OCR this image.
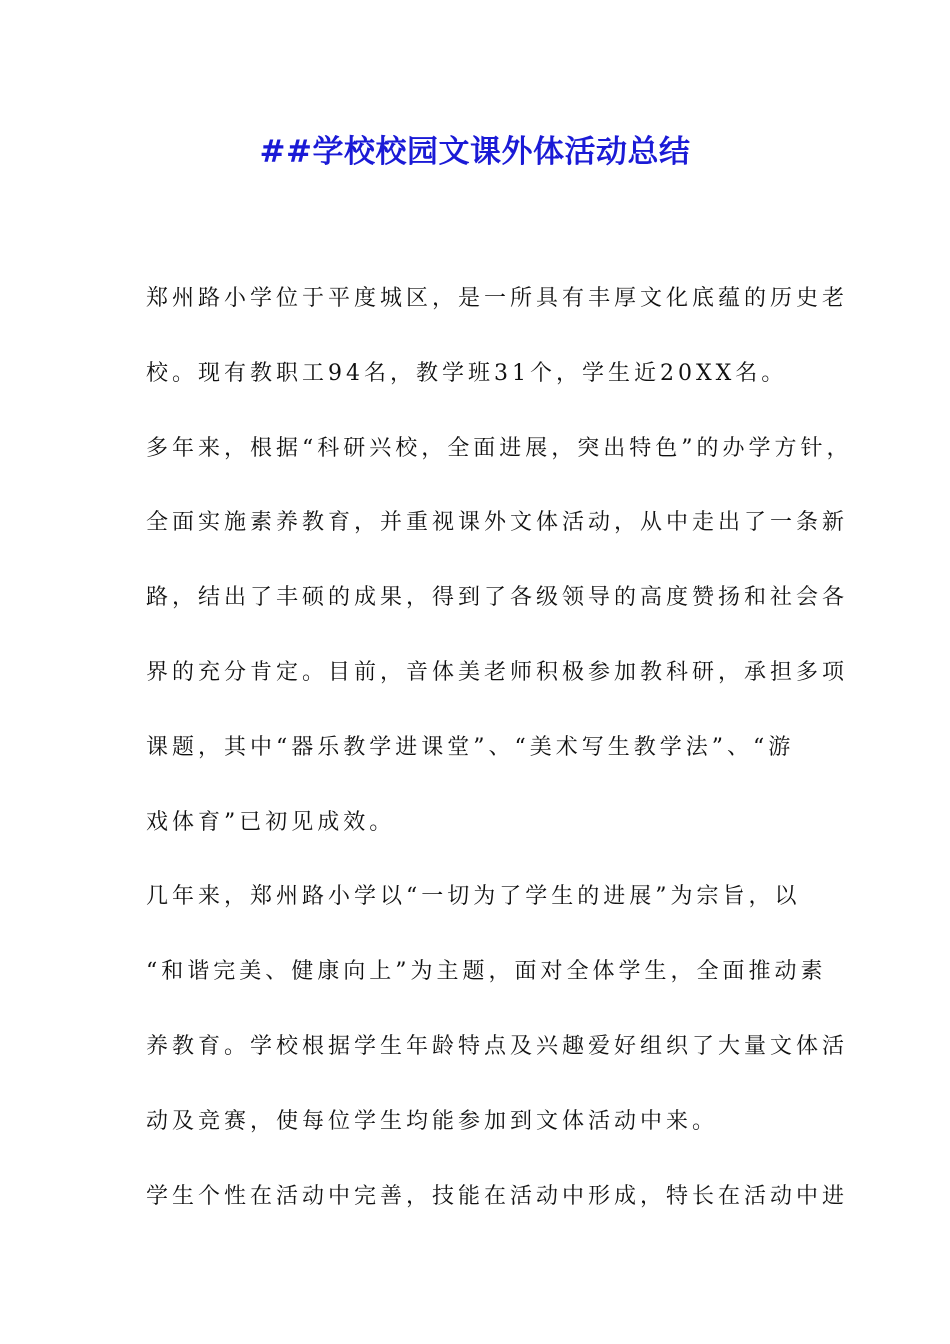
##学校校园文课外体活动总结
郑州路小学位于平度城区，是一所具有丰厚文化底蕴的历史老
校。现有教职工94名，教学班31个，学生近20XX名。
多年来，根据“科研兴校，全面进展，突出特色”的办学方针，
全面实施素养教育，并重视课外文体活动，从中走出了一条新
路，结出了丰硕的成果，得到了各级领导的高度赞扬和社会各
界的充分肯定。目前，音体美老师积极参加教科研，承担多项
课题，其中“器乐教学进课堂”、“美术写生教学法”、“游
戏体育”已初见成效。
几年来，郑州路小学以“一切为了学生的进展”为宗旨，以
“和谐完美、健康向上”为主题，面对全体学生，全面推动素
养教育。学校根据学生年龄特点及兴趣爱好组织了大量文体活
动及竞赛，使每位学生均能参加到文体活动中来。
学生个性在活动中完善，技能在活动中形成，特长在活动中进
